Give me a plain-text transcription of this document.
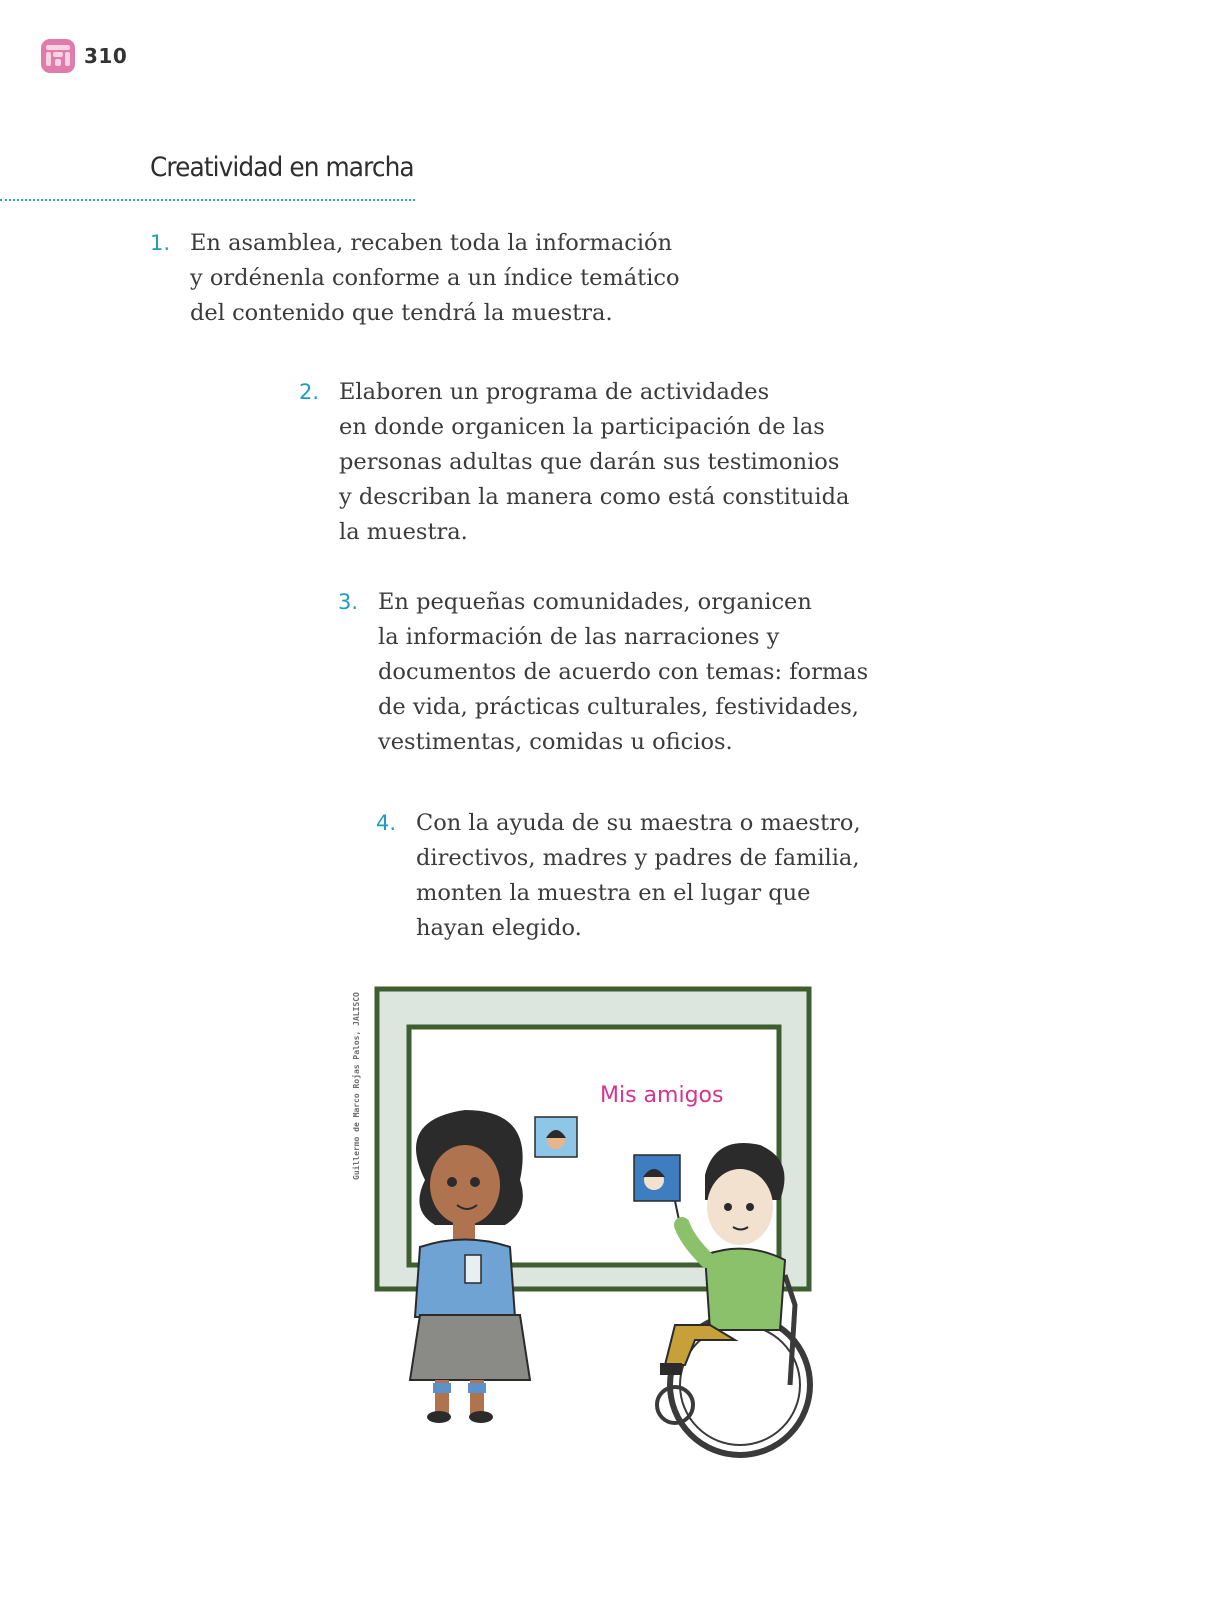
310
Creatividad en marcha
1. En asamblea, recaben toda la información
y ordénenla conforme a un índice temático
del contenido que tendrá la muestra.
2. Elaboren un programa de actividades
en donde organicen la participación de las
personas adultas que darán sus testimonios
y describan la manera como está constituida
la muestra.
3. En pequeñas comunidades, organicen
la información de las narraciones y
documentos de acuerdo con temas: formas
de vida, prácticas culturales, festividades,
vestimentas, comidas u oficios.
4. Con la ayuda de su maestra o maestro,
directivos, madres y padres de familia,
monten la muestra en el lugar que
hayan elegido.
Guillermo de Marco Rojas Palos, JALISCO	Mis amigos
